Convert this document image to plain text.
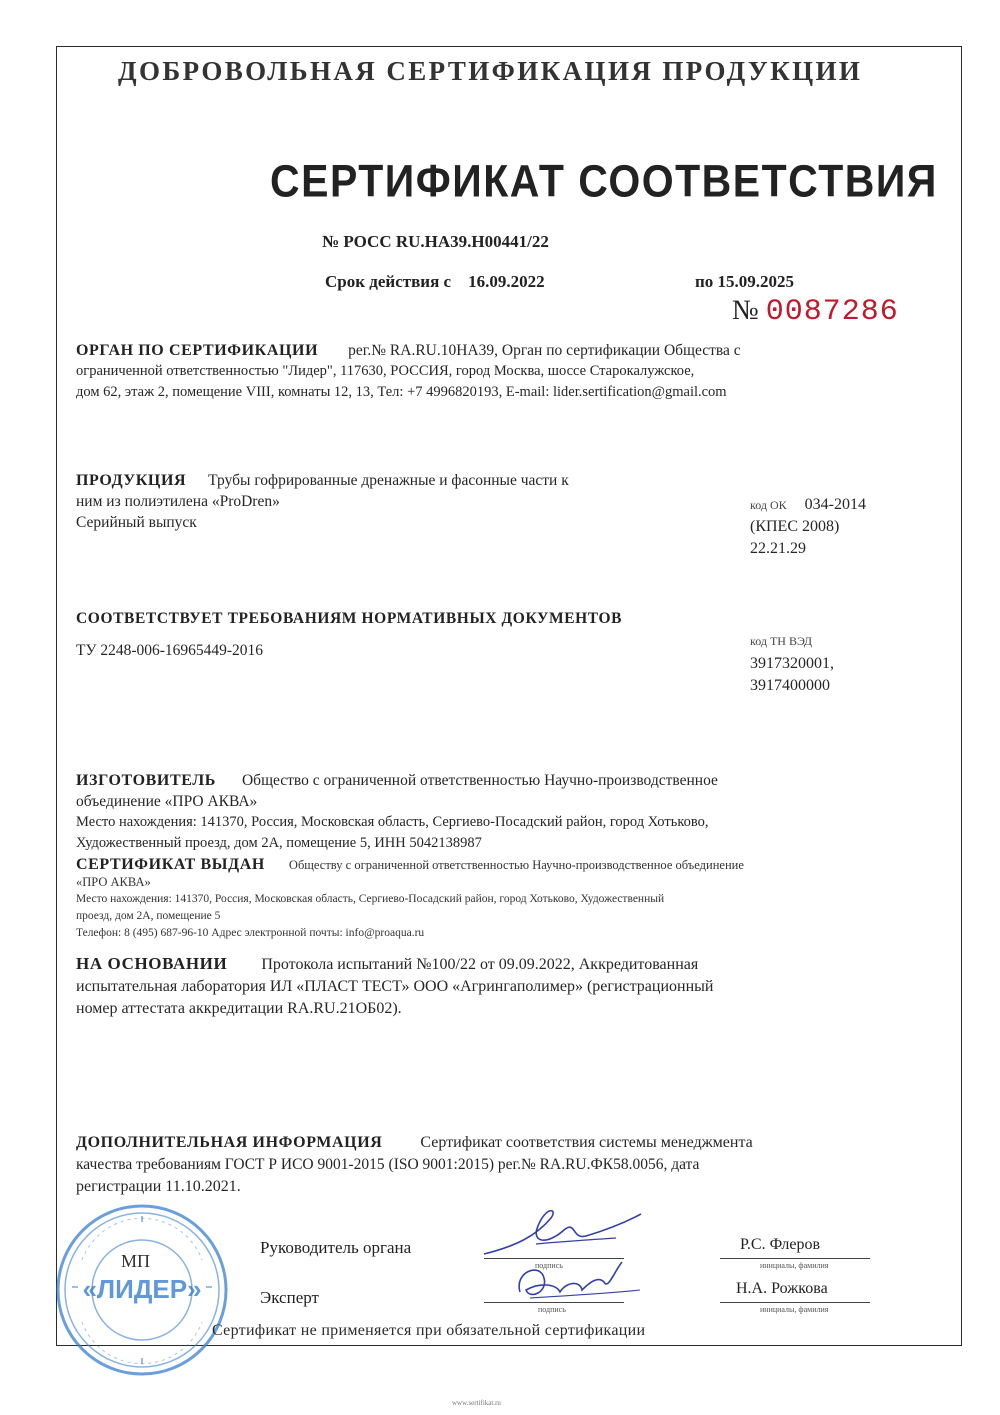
ДОБРОВОЛЬНАЯ СЕРТИФИКАЦИЯ ПРОДУКЦИИ
СЕРТИФИКАТ СООТВЕТСТВИЯ
№ РОСС RU.HA39.H00441/22
Срок действия с 16.09.2022	по 15.09.2025
№ 0087286
ОРГАН ПО СЕРТИФИКАЦИИ рег.№ RA.RU.10НА39, Орган по сертификации Общества с
ограниченной ответственностью "Лидер", 117630, РОССИЯ, город Москва, шоссе Старокалужское,
дом 62, этаж 2, помещение VIII, комнаты 12, 13, Тел: +7 4996820193, E-mail: lider.sertification@gmail.com
ПРОДУКЦИЯ Трубы гофрированные дренажные и фасонные части к
ним из полиэтилена «ProDren»
Серийный выпуск
код ОК 034-2014
(КПЕС 2008)
22.21.29
СООТВЕТСТВУЕТ ТРЕБОВАНИЯМ НОРМАТИВНЫХ ДОКУМЕНТОВ
ТУ 2248-006-16965449-2016
код ТН ВЭД
3917320001,
3917400000
ИЗГОТОВИТЕЛЬ Общество с ограниченной ответственностью Научно-производственное
объединение «ПРО АКВА»
Место нахождения: 141370, Россия, Московская область, Сергиево-Посадский район, город Хотьково,
Художественный проезд, дом 2А, помещение 5, ИНН 5042138987
СЕРТИФИКАТ ВЫДАН Обществу с ограниченной ответственностью Научно-производственное объединение
«ПРО АКВА»
Место нахождения: 141370, Россия, Московская область, Сергиево-Посадский район, город Хотьково, Художественный
проезд, дом 2А, помещение 5
Телефон: 8 (495) 687-96-10 Адрес электронной почты: info@proaqua.ru
НА ОСНОВАНИИ Протокола испытаний №100/22 от 09.09.2022, Аккредитованная
испытательная лаборатория ИЛ «ПЛАСТ ТЕСТ» ООО «Агрингаполимер» (регистрационный
номер аттестата аккредитации RA.RU.21ОБ02).
ДОПОЛНИТЕЛЬНАЯ ИНФОРМАЦИЯ Сертификат соответствия системы менеджмента
качества требованиям ГОСТ Р ИСО 9001-2015 (ISO 9001:2015) рег.№ RA.RU.ФК58.0056, дата
регистрации 11.10.2021.
«ЛИДЕР»
МП
Руководитель органа
подпись
Р.С. Флеров
инициалы, фамилия
Эксперт
подпись
Н.А. Рожкова
инициалы, фамилия
Сертификат не применяется при обязательной сертификации
www.sertifikat.ru
